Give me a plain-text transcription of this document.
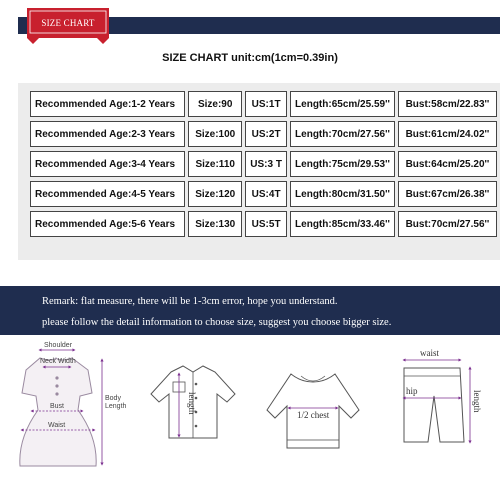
SIZE CHART
SIZE CHART unit:cm(1cm=0.39in)
Recommended Age:1-2 Years	Size:90	US:1T	Length:65cm/25.59''	Bust:58cm/22.83''
Recommended Age:2-3 Years	Size:100	US:2T	Length:70cm/27.56''	Bust:61cm/24.02''
Recommended Age:3-4 Years	Size:110	US:3 T	Length:75cm/29.53''	Bust:64cm/25.20''
Recommended Age:4-5 Years	Size:120	US:4T	Length:80cm/31.50''	Bust:67cm/26.38''
Recommended Age:5-6 Years	Size:130	US:5T	Length:85cm/33.46''	Bust:70cm/27.56''
Remark: flat measure, there will be 1-3cm error, hope you understand.
please follow the detail information to choose size, suggest you choose bigger size.
Shoulder
Neck Width
Bust
Waist
Body
Length	length
1/2 chest
waist
hip	length
